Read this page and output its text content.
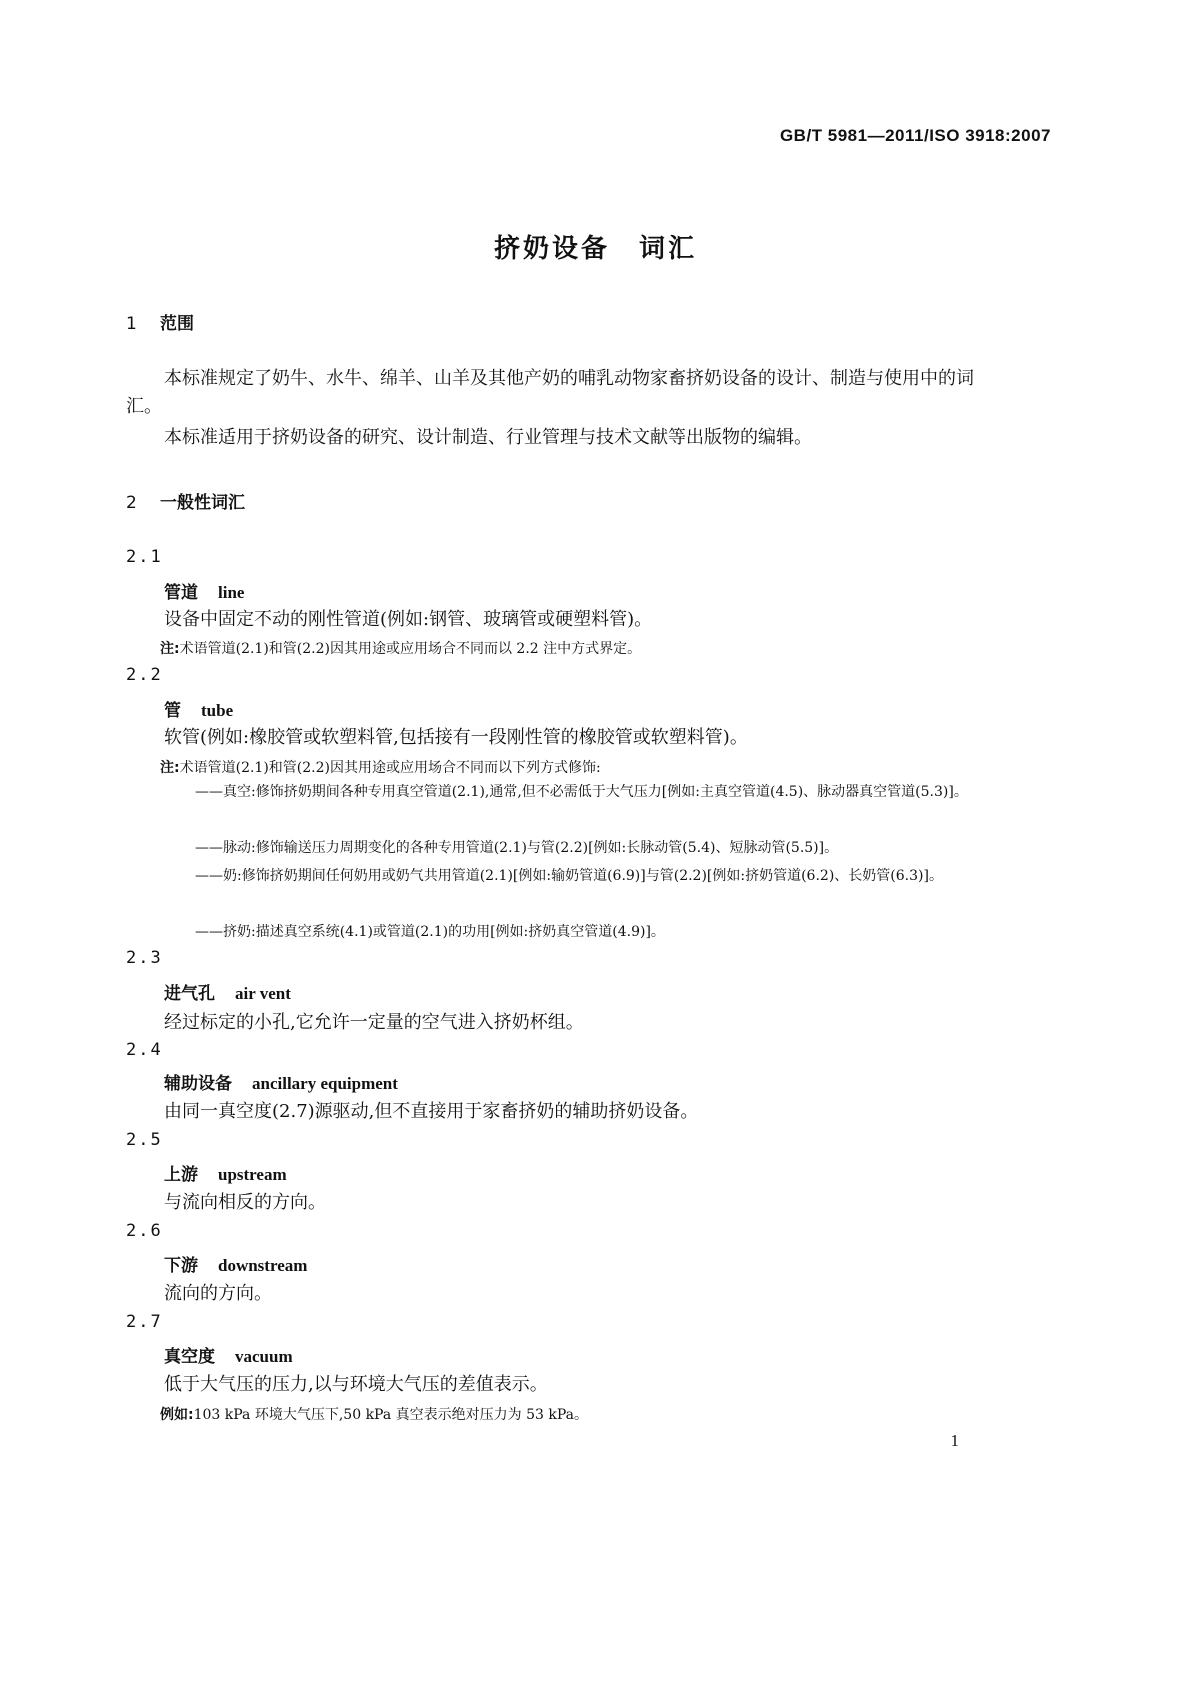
GB/T 5981—2011/ISO 3918:2007
挤奶设备　词汇
1 范围
本标准规定了奶牛、水牛、绵羊、山羊及其他产奶的哺乳动物家畜挤奶设备的设计、制造与使用中的词汇。
本标准适用于挤奶设备的研究、设计制造、行业管理与技术文献等出版物的编辑。
2 一般性词汇
2.1
管道 line
设备中固定不动的刚性管道(例如:钢管、玻璃管或硬塑料管)。
注:术语管道(2.1)和管(2.2)因其用途或应用场合不同而以 2.2 注中方式界定。
2.2
管 tube
软管(例如:橡胶管或软塑料管,包括接有一段刚性管的橡胶管或软塑料管)。
注:术语管道(2.1)和管(2.2)因其用途或应用场合不同而以下列方式修饰:
——真空:修饰挤奶期间各种专用真空管道(2.1),通常,但不必需低于大气压力[例如:主真空管道(4.5)、脉动器真空管道(5.3)]。
——脉动:修饰输送压力周期变化的各种专用管道(2.1)与管(2.2)[例如:长脉动管(5.4)、短脉动管(5.5)]。
——奶:修饰挤奶期间任何奶用或奶气共用管道(2.1)[例如:输奶管道(6.9)]与管(2.2)[例如:挤奶管道(6.2)、长奶管(6.3)]。
——挤奶:描述真空系统(4.1)或管道(2.1)的功用[例如:挤奶真空管道(4.9)]。
2.3
进气孔 air vent
经过标定的小孔,它允许一定量的空气进入挤奶杯组。
2.4
辅助设备 ancillary equipment
由同一真空度(2.7)源驱动,但不直接用于家畜挤奶的辅助挤奶设备。
2.5
上游 upstream
与流向相反的方向。
2.6
下游 downstream
流向的方向。
2.7
真空度 vacuum
低于大气压的压力,以与环境大气压的差值表示。
例如:103 kPa 环境大气压下,50 kPa 真空表示绝对压力为 53 kPa。
1
